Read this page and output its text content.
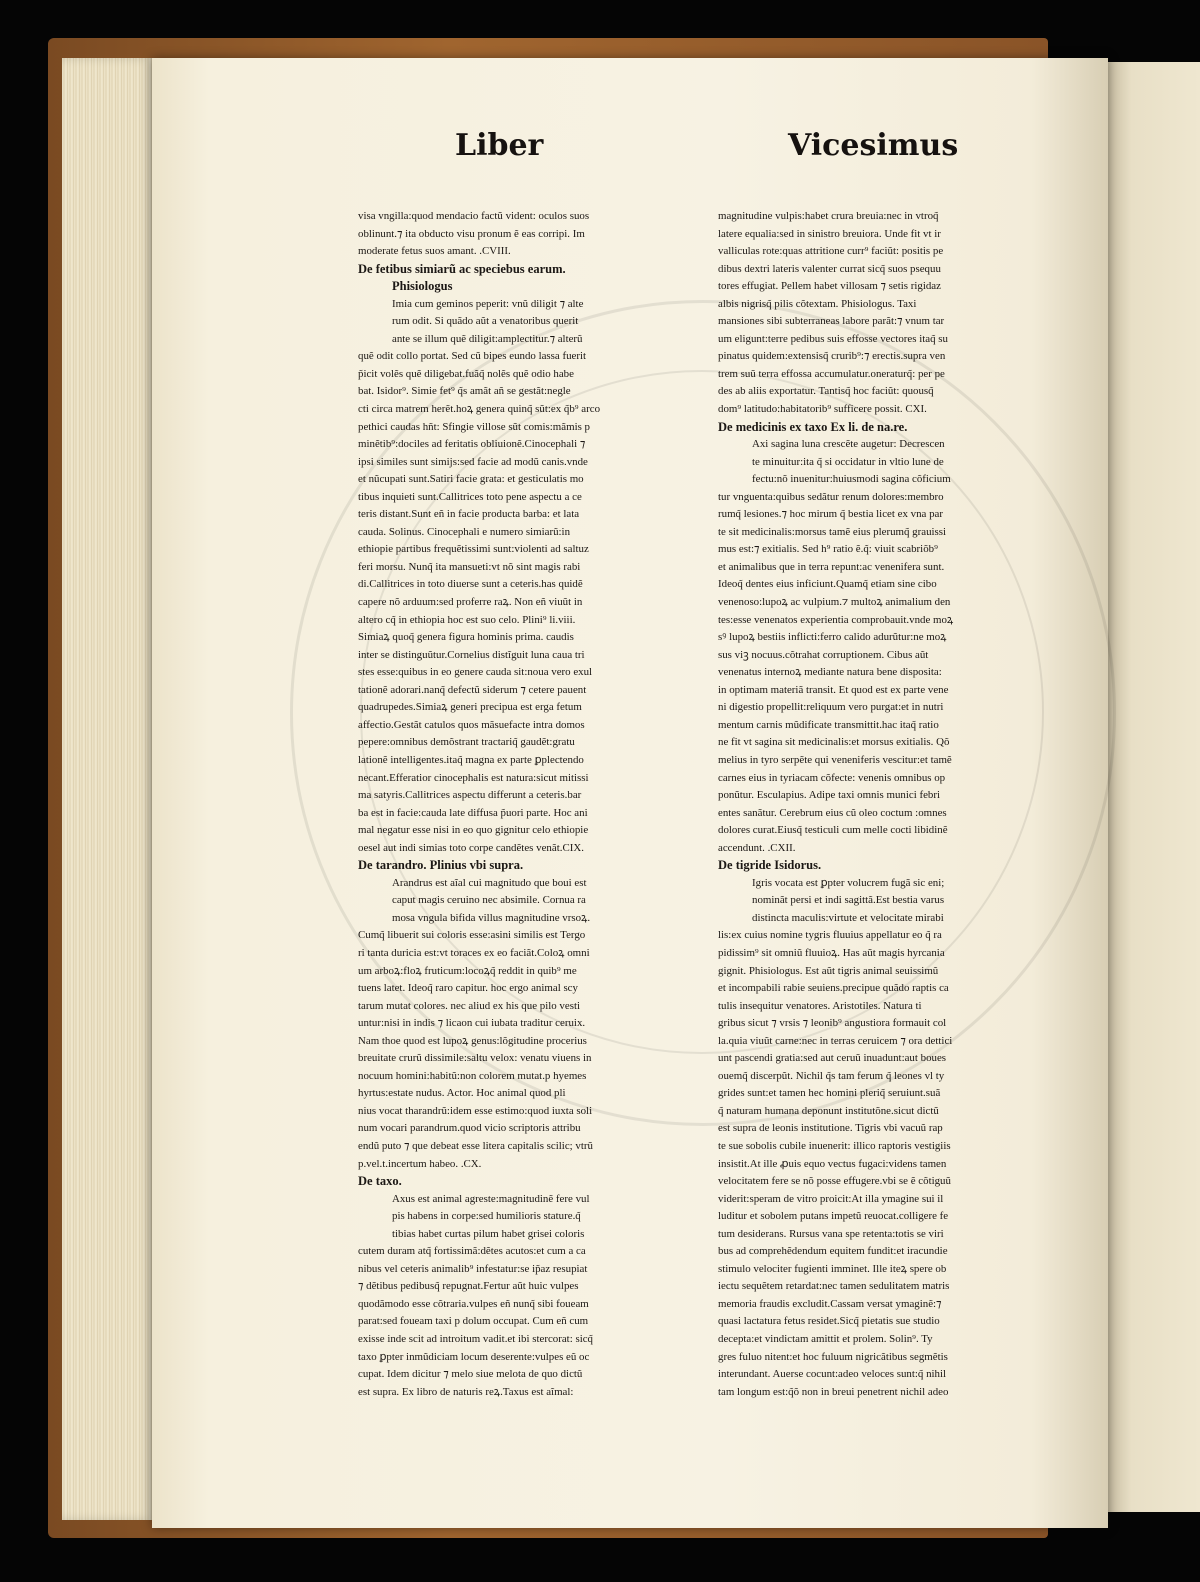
Liber	Vicesimus
visa vngilla:quod mendacio factũ vident: oculos suos
oblinunt.⁊ ita obducto visu pronum ẽ eas corripi. Im
moderate fetus suos amant. .CVIII.
De fetibus simiarũ ac speciebus earum.
Phisiologus
Imia cum geminos peperit: vnũ diligit ⁊ alte
rum odit. Si quãdo aũt a venatoribus querit
ante se illum quẽ diligit:amplectitur.⁊ alterũ
quẽ odit collo portat. Sed cũ bipes eundo lassa fuerit
p̃icit volẽs quẽ diligebat.fuãq̃ nolẽs quẽ odio habe
bat. Isidor⁹. Simie fet⁹ q̃s amãt añ se gestãt:negle
cti circa matrem herẽt.hoꝝ genera quinq̃ sũt:ex q̃b⁹ arco
pethici caudas hñt: Sfingie villose sũt comis:mãmis p
minẽtib⁹:dociles ad feritatis obliuionẽ.Cinocephali ⁊
ipsi similes sunt simijs:sed facie ad modũ canis.vnde
et nũcupati sunt.Satiri facie grata: et gesticulatis mo
tibus inquieti sunt.Callitrices toto pene aspectu a ce
teris distant.Sunt eñ in facie producta barba: et lata
cauda. Solinus. Cinocephali e numero simiarũ:in
ethiopie partibus frequẽtissimi sunt:violenti ad saltuz
feri morsu. Nunq̃ ita mansueti:vt nõ sint magis rabi
di.Callitrices in toto diuerse sunt a ceteris.has quidẽ
capere nõ arduum:sed proferre raꝝ. Non eñ viuũt in
altero cq̃ in ethiopia hoc est suo celo. Plini⁹ li.viii.
Simiaꝝ quoq̃ genera figura hominis prima. caudis
inter se distinguũtur.Cornelius distĩguit luna caua tri
stes esse:quibus in eo genere cauda sit:noua vero exul
tationẽ adorari.nanq̃ defectũ siderum ⁊ cetere pauent
quadrupedes.Simiaꝝ generi precipua est erga fetum
affectio.Gestãt catulos quos mãsuefacte intra domos
pepere:omnibus demõstrant tractariq̃ gaudẽt:gratu
lationẽ intelligentes.itaq̃ magna ex parte ꝑplectendo
necant.Efferatior cinocephalis est natura:sicut mitissi
ma satyris.Callitrices aspectu differunt a ceteris.bar
ba est in facie:cauda late diffusa p̃uori parte. Hoc ani
mal negatur esse nisi in eo quo gignitur celo ethiopie
oesel aut indi simias toto corpe candẽtes venãt.CIX.
De tarandro. Plinius vbi supra.
Arandrus est aĩal cui magnitudo que boui est
caput magis ceruino nec absimile. Cornua ra
mosa vngula bifida villus magnitudine vrsoꝝ.
Cumq̃ libuerit sui coloris esse:asini similis est Tergo
ri tanta duricia est:vt toraces ex eo faciãt.Coloꝝ omni
um arboꝝ:floꝝ fruticum:locoꝝq̃ reddit in quib⁹ me
tuens latet. Ideoq̃ raro capitur. hoc ergo animal scy
tarum mutat colores. nec aliud ex his que pilo vesti
untur:nisi in indis ⁊ licaon cui iubata traditur ceruix.
Nam thoe quod est lupoꝝ genus:lõgitudine procerius
breuitate crurũ dissimile:saltu velox: venatu viuens in
nocuum homini:habitũ:non colorem mutat.p hyemes
hyrtus:estate nudus. Actor. Hoc animal quod pli
nius vocat tharandrũ:idem esse estimo:quod iuxta soli
num vocari parandrum.quod vicio scriptoris attribu
endũ puto ⁊ que debeat esse litera capitalis scilic; vtrũ
p.vel.t.incertum habeo. .CX.
De taxo.
Axus est animal agreste:magnitudinẽ fere vul
pis habens in corpe:sed humilioris stature.q̃
tibias habet curtas pilum habet grisei coloris
cutem duram atq̃ fortissimã:dẽtes acutos:et cum a ca
nibus vel ceteris animalib⁹ infestatur:se ip̃az resupiat
⁊ dẽtibus pedibusq̃ repugnat.Fertur aũt huic vulpes
quodãmodo esse cõtraria.vulpes eñ nunq̃ sibi foueam
parat:sed foueam taxi p dolum occupat. Cum eñ cum
exisse inde scit ad introitum vadit.et ibi stercorat: sicq̃
taxo ꝑpter inmũdiciam locum deserente:vulpes eũ oc
cupat. Idem dicitur ⁊ melo siue melota de quo dictũ
est supra. Ex libro de naturis reꝝ.Taxus est aĩmal:
magnitudine vulpis:habet crura breuia:nec in vtroq̃
latere equalia:sed in sinistro breuiora. Unde fit vt ir
valliculas rote:quas attritione curr⁹ faciũt: positis pe
dibus dextri lateris valenter currat sicq̃ suos psequu
tores effugiat. Pellem habet villosam ⁊ setis rigidaz
albis nigrisq̃ pilis cõtextam. Phisiologus. Taxi
mansiones sibi subterraneas labore parãt:⁊ vnum tar
um eligunt:terre pedibus suis effosse vectores itaq̃ su
pinatus quidem:extensisq̃ crurib⁹:⁊ erectis.supra ven
trem suũ terra effossa accumulatur.oneraturq̃: per pe
des ab aliis exportatur. Tantisq̃ hoc faciũt: quousq̃
dom⁹ latitudo:habitatorib⁹ sufficere possit. CXI.
De medicinis ex taxo Ex li. de na.re.
Axi sagina luna crescẽte augetur: Decrescen
te minuitur:ita q̃ si occidatur in vltio lune de
fectu:nõ inuenitur:huiusmodi sagina cõficium
tur vnguenta:quibus sedãtur renum dolores:membro
rumq̃ lesiones.⁊ hoc mirum q̃ bestia licet ex vna par
te sit medicinalis:morsus tamẽ eius plerumq̃ grauissi
mus est:⁊ exitialis. Sed h⁹ ratio ẽ.q̃: viuit scabriõb⁹
et animalibus que in terra repunt:ac venenifera sunt.
Ideoq̃ dentes eius inficiunt.Quamq̃ etiam sine cibo
venenoso:lupoꝝ ac vulpium.⁊ multoꝝ animalium den
tes:esse venenatos experientia comprobauit.vnde moꝝ
sꝰ lupoꝝ bestiis inflicti:ferro calido adurũtur:ne moꝝ
sus viꝫ nocuus.cõtrahat corruptionem. Cibus aũt
venenatus internoꝝ mediante natura bene disposita:
in optimam materiã transit. Et quod est ex parte vene
ni digestio propellit:reliquum vero purgat:et in nutri
mentum carnis mũdificate transmittit.hac itaq̃ ratio
ne fit vt sagina sit medicinalis:et morsus exitialis. Qõ
melius in tyro serpẽte qui veneniferis vescitur:et tamẽ
carnes eius in tyriacam cõfecte: venenis omnibus op
ponũtur. Esculapius. Adipe taxi omnis munici febri
entes sanãtur. Cerebrum eius cũ oleo coctum :omnes
dolores curat.Eiusq̃ testiculi cum melle cocti libidinẽ
accendunt. .CXII.
De tigride Isidorus.
Igris vocata est ꝑpter volucrem fugã sic eni;
nominãt persi et indi sagittã.Est bestia varus
distincta maculis:virtute et velocitate mirabi
lis:ex cuius nomine tygris fluuius appellatur eo q̃ ra
pidissim⁹ sit omniũ fluuioꝝ. Has aũt magis hyrcania
gignit. Phisiologus. Est aũt tigris animal seuissimũ
et incompabili rabie seuiens.precipue quãdo raptis ca
tulis insequitur venatores. Aristotiles. Natura ti
gribus sicut ⁊ vrsis ⁊ leonib⁹ angustiora formauit col
la.quia viuũt carne:nec in terras ceruicem ⁊ ora dettici
unt pascendi gratia:sed aut ceruũ inuadunt:aut boues
ouemq̃ discerpũt. Nichil q̃s tam ferum q̃ leones vl ty
grides sunt:et tamen hec homini pleriq̃ seruiunt.suã
q̃ naturam humana deponunt institutõne.sicut dictũ
est supra de leonis institutione. Tigris vbi vacuũ rap
te sue sobolis cubile inuenerit: illico raptoris vestigiis
insistit.At ille ꝓuis equo vectus fugaci:videns tamen
velocitatem fere se nõ posse effugere.vbi se ẽ cõtiguũ
viderit:speram de vitro proicit:At illa ymagine sui il
luditur et sobolem putans impetũ reuocat.colligere fe
tum desiderans. Rursus vana spe retenta:totis se viri
bus ad comprehẽdendum equitem fundit:et iracundie
stimulo velociter fugienti imminet. Ille iteꝝ spere ob
iectu sequẽtem retardat:nec tamen sedulitatem matris
memoria fraudis excludit.Cassam versat ymaginẽ:⁊
quasi lactatura fetus residet.Sicq̃ pietatis sue studio
decepta:et vindictam amittit et prolem. Solin⁹. Ty
gres fuluo nitent:et hoc fuluum nigricãtibus segmẽtis
interundant. Auerse cocunt:adeo veloces sunt:q̃ nihil
tam longum est:q̃õ non in breui penetrent nichil adeo
